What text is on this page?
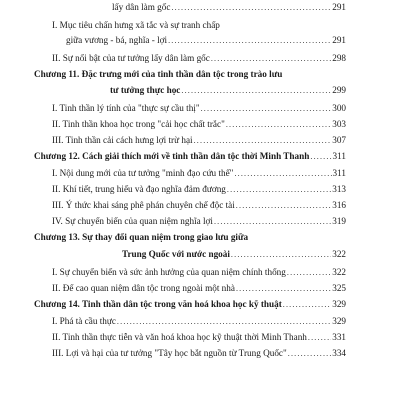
lấy dân làm gốc .....	291
I. Mục tiêu chấn hưng xã tắc và sự tranh chấp
giữa vương - bá, nghĩa - lợi .....	291
II. Sự nổi bật của tư tưởng lấy dân làm gốc .....	298
Chương 11. Đặc trưng mới của tinh thần dân tộc trong trào lưu
tư tưởng thực học .....	299
I. Tinh thần lý tính của "thực sự cầu thị" .....	300
II. Tinh thần khoa học trong "cải học chất trắc" .....	303
III. Tinh thần cải cách hưng lợi trừ hại .....	307
Chương 12. Cách giải thích mới về tinh thần dân tộc thời Minh Thanh .....	311
I. Nội dung mới của tư tưởng "minh đạo cứu thế" .....	311
II. Khí tiết, trung hiếu và đạo nghĩa đảm đương .....	313
III. Ý thức khai sáng phê phán chuyên chế độc tài .....	316
IV. Sự chuyển biến của quan niệm nghĩa lợi .....	319
Chương 13. Sự thay đổi quan niệm trong giao lưu giữa
Trung Quốc với nước ngoài .....	322
I. Sự chuyển biến và sức ảnh hưởng của quan niệm chính thống .....	322
II. Để cao quan niệm dân tộc trong ngoài một nhà .....	325
Chương 14. Tinh thần dân tộc trong văn hoá khoa học kỹ thuật .....	329
I. Phá tà cầu thực .....	329
II. Tinh thần thực tiễn và văn hoá khoa học kỹ thuật thời Minh Thanh .....	331
III. Lợi và hại của tư tưởng "Tây học bắt nguồn từ Trung Quốc" .....	334
